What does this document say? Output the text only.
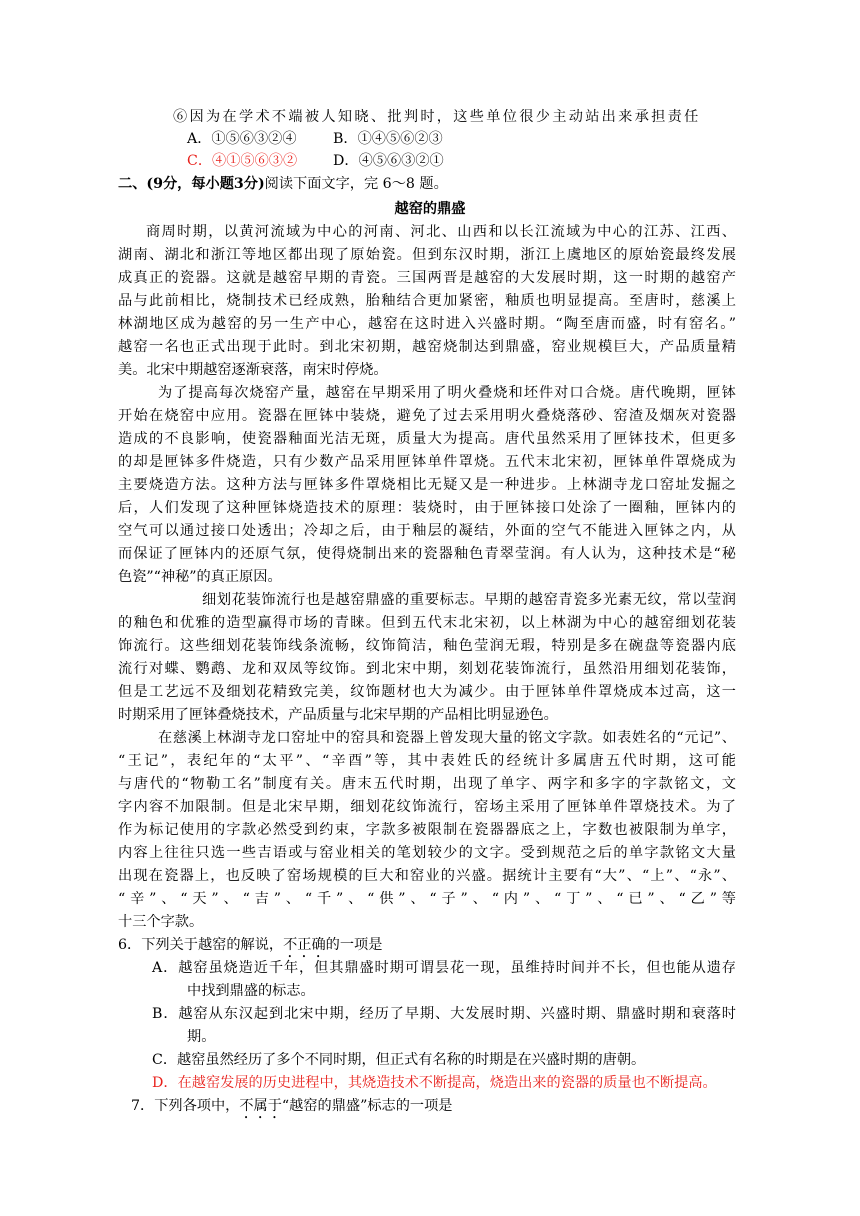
⑥因为在学术不端被人知晓、批判时，这些单位很少主动站出来承担责任
A．①⑤⑥③②④	B．①④⑤⑥②③
C．④①⑤⑥③②	D．④⑤⑥③②①
二、(9分，每小题3分)阅读下面文字，完 6～8 题。
越窑的鼎盛
商周时期，以黄河流域为中心的河南、河北、山西和以长江流域为中心的江苏、江西、
湖南、湖北和浙江等地区都出现了原始瓷。但到东汉时期，浙江上虞地区的原始瓷最终发展
成真正的瓷器。这就是越窑早期的青瓷。三国两晋是越窑的大发展时期，这一时期的越窑产
品与此前相比，烧制技术已经成熟，胎釉结合更加紧密，釉质也明显提高。至唐时，慈溪上
林湖地区成为越窑的另一生产中心，越窑在这时进入兴盛时期。“陶至唐而盛，时有窑名。”
越窑一名也正式出现于此时。到北宋初期，越窑烧制达到鼎盛，窑业规模巨大，产品质量精
美。北宋中期越窑逐渐衰落，南宋时停烧。
为了提高每次烧窑产量，越窑在早期采用了明火叠烧和坯件对口合烧。唐代晚期，匣钵
开始在烧窑中应用。瓷器在匣钵中装烧，避免了过去采用明火叠烧落砂、窑渣及烟灰对瓷器
造成的不良影响，使瓷器釉面光洁无斑，质量大为提高。唐代虽然采用了匣钵技术，但更多
的却是匣钵多件烧造，只有少数产品采用匣钵单件罩烧。五代末北宋初，匣钵单件罩烧成为
主要烧造方法。这种方法与匣钵多件罩烧相比无疑又是一种进步。上林湖寺龙口窑址发掘之
后，人们发现了这种匣钵烧造技术的原理：装烧时，由于匣钵接口处涂了一圈釉，匣钵内的
空气可以通过接口处透出；冷却之后，由于釉层的凝结，外面的空气不能进入匣钵之内，从
而保证了匣钵内的还原气氛，使得烧制出来的瓷器釉色青翠莹润。有人认为，这种技术是“秘
色瓷”“神秘”的真正原因。
细划花装饰流行也是越窑鼎盛的重要标志。早期的越窑青瓷多光素无纹，常以莹润
的釉色和优雅的造型赢得市场的青睐。但到五代末北宋初，以上林湖为中心的越窑细划花装
饰流行。这些细划花装饰线条流畅，纹饰简洁，釉色莹润无瑕，特别是多在碗盘等瓷器内底
流行对蝶、鹦鹉、龙和双凤等纹饰。到北宋中期，刻划花装饰流行，虽然沿用细划花装饰，
但是工艺远不及细划花精致完美，纹饰题材也大为减少。由于匣钵单件罩烧成本过高，这一
时期采用了匣钵叠烧技术，产品质量与北宋早期的产品相比明显逊色。
在慈溪上林湖寺龙口窑址中的窑具和瓷器上曾发现大量的铭文字款。如表姓名的“元记”、
“王记”，表纪年的“太平”、“辛酉”等，其中表姓氏的经统计多属唐五代时期，这可能
与唐代的“物勒工名”制度有关。唐末五代时期，出现了单字、两字和多字的字款铭文，文
字内容不加限制。但是北宋早期，细划花纹饰流行，窑场主采用了匣钵单件罩烧技术。为了
作为标记使用的字款必然受到约束，字款多被限制在瓷器器底之上，字数也被限制为单字，
内容上往往只选一些吉语或与窑业相关的笔划较少的文字。受到规范之后的单字款铭文大量
出现在瓷器上，也反映了窑场规模的巨大和窑业的兴盛。据统计主要有“大”、“上”、“永”、
“辛”、“天”、“吉”、“千”、“供”、“子”、“内”、“丁”、“已”、“乙”等
十三个字款。
6．下列关于越窑的解说，不正确的一项是
A．越窑虽烧造近千年，但其鼎盛时期可谓昙花一现，虽维持时间并不长，但也能从遗存
中找到鼎盛的标志。
B．越窑从东汉起到北宋中期，经历了早期、大发展时期、兴盛时期、鼎盛时期和衰落时
期。
C．越窑虽然经历了多个不同时期，但正式有名称的时期是在兴盛时期的唐朝。
D．在越窑发展的历史进程中，其烧造技术不断提高，烧造出来的瓷器的质量也不断提高。
7．下列各项中，不属于“越窑的鼎盛”标志的一项是
